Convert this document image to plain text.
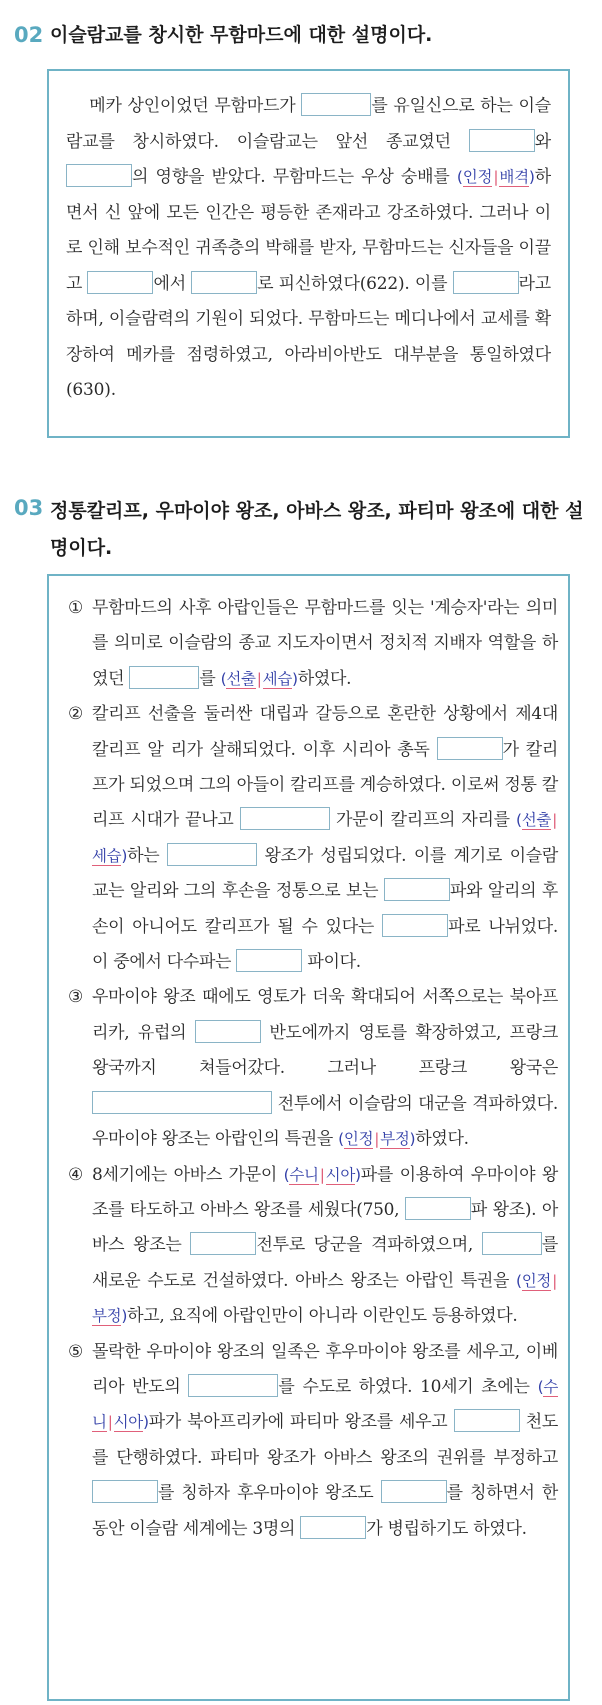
02 이슬람교를 창시한 무함마드에 대한 설명이다.
메카 상인이었던 무함마드가	를 유일신으로 하는 이슬람교를 창시하였다. 이슬람교는 앞선 종교였던	와 의 영향을 받았다. 무함마드는 우상 숭배를 (인정|배격)하면서 신 앞에 모든 인간은 평등한 존재라고 강조하였다. 그러나 이로 인해 보수적인 귀족층의 박해를 받자, 무함마드는 신자들을 이끌고	에서	로 피신하였다(622). 이를	라고 하며, 이슬람력의 기원이 되었다. 무함마드는 메디나에서 교세를 확장하여 메카를 점령하였고, 아라비아반도 대부분을 통일하였다(630).
03 정통칼리프, 우마이야 왕조, 아바스 왕조, 파티마 왕조에 대한 설명이다.
① 무함마드의 사후 아랍인들은 무함마드를 잇는 '계승자'라는 의미를 의미로 이슬람의 종교 지도자이면서 정치적 지배자 역할을 하였던	를 (선출|세습)하였다.
② 칼리프 선출을 둘러싼 대립과 갈등으로 혼란한 상황에서 제4대 칼리프 알 리가 살해되었다. 이후 시리아 총독	가 칼리프가 되었으며 그의 아들이 칼리프를 계승하였다. 이로써 정통 칼리프 시대가 끝나고	가문이 칼리프의 자리를 (선출|세습)하는	왕조가 성립되었다. 이를 계기로 이슬람교는 알리와 그의 후손을 정통으로 보는	파와 알리의 후손이 아니어도 칼리프가 될 수 있다는	파로 나뉘었다. 이 중에서 다수파는	파이다.
③ 우마이야 왕조 때에도 영토가 더욱 확대되어 서쪽으로는 북아프리카, 유럽의	반도에까지 영토를 확장하였고, 프랑크 왕국까지 쳐들어갔다. 그러나 프랑크 왕국은  전투에서 이슬람의 대군을 격파하였다. 우마이야 왕조는 아랍인의 특권을 (인정|부정)하였다.
④ 8세기에는 아바스 가문이 (수니|시아)파를 이용하여 우마이야 왕조를 타도하고 아바스 왕조를 세웠다(750,	파 왕조). 아바스 왕조는	전투로 당군을 격파하였으며,	를 새로운 수도로 건설하였다. 아바스 왕조는 아랍인 특권을 (인정|부정)하고, 요직에 아랍인만이 아니라 이란인도 등용하였다.
⑤ 몰락한 우마이야 왕조의 일족은 후우마이야 왕조를 세우고, 이베리아 반도의	를 수도로 하였다. 10세기 초에는 (수니|시아)파가 북아프리카에 파티마 왕조를 세우고	천도를 단행하였다. 파티마 왕조가 아바스 왕조의 권위를 부정하고 를 칭하자 후우마이야 왕조도	를 칭하면서 한동안 이슬람 세계에는 3명의	가 병립하기도 하였다.
